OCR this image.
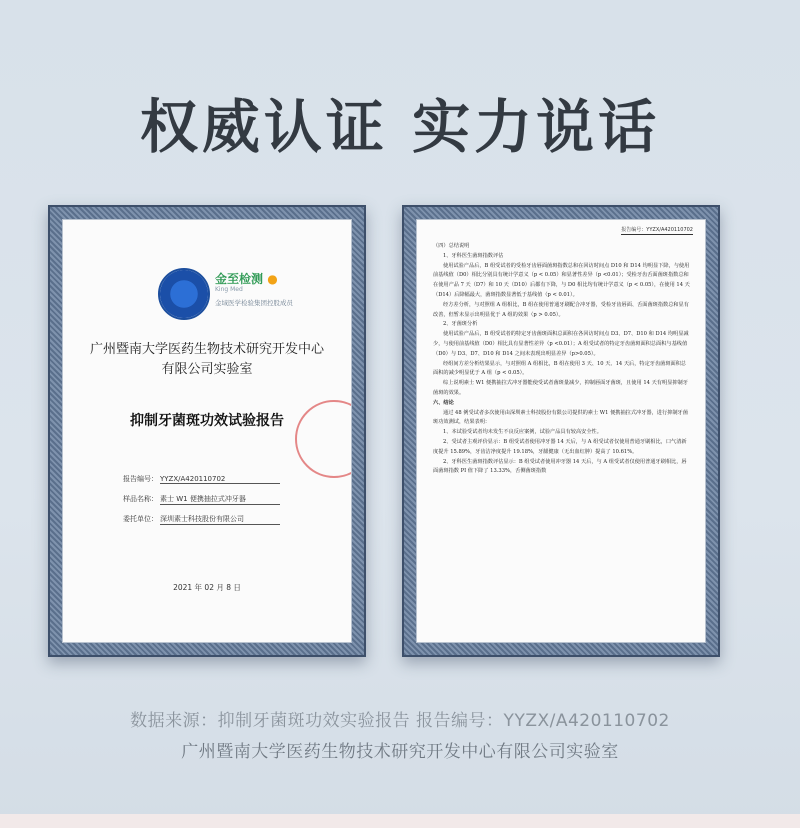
权威认证 实力说话
金至检测 ●
King Med
金域医学检验集团控股成员
广州暨南大学医药生物技术研究开发中心
有限公司实验室
抑制牙菌斑功效试验报告
报告编号： YYZX/A420110702
样品名称： 素士 W1 便携抽拉式冲牙器
委托单位： 深圳素士科技股份有限公司
2021 年 02 月 8 日
报告编号：YYZX/A420110702

（四）总结说明

1、牙科医生菌斑指数评估

使用试验产品后，B 组受试者的受检牙齿唇面菌斑指数总和在回访时间点 D10 和 D14 均明显下降，与使用前基线值（D0）相比分别具有统计学意义（p < 0.05）和显著性差异（p <0.01）；受检牙齿舌面菌斑指数总和在使用产品 7 天（D7）和 10 天（D10）后都有下降，与 D0 相比均有统计学意义（p < 0.05），在使用 14 天（D14）后降幅最大，菌斑指数显著低于基线值（p < 0.01）。

经方差分析，与对照组 A 组相比，B 组在使用普通牙刷配合冲牙器，受检牙齿唇面、舌面菌斑指数总和显有改善，但暂未显示出明显优于 A 组的效果（p > 0.05）。

2、牙菌斑分析

使用试验产品后，B 组受试者的特定牙齿菌斑面积总面积在各回访时间点 D3、D7、D10 和 D14 均明显减少，与使用前基线值（D0）相比具有显著性差异（p <0.01）；A 组受试者的特定牙齿菌斑面积总面积与基线值（D0）与 D3、D7、D10 和 D14 之间未表现出明显差异（p>0.05）。

经组间方差分析结果显示，与对照组 A 组相比，B 组在使用 3 天、10 天、14 天后，特定牙齿菌斑面积总面积的减少明显优于 A 组（p < 0.05）。

综上说明素士 W1 便携抽拉式冲牙器能使受试者菌斑量减少，抑制唇面牙菌斑，且使用 14 天有明显抑制牙菌斑的效果。

六、结论

通过 48 例受试者多次使用由深圳素士科技股份有限公司提供的素士 W1 便携抽拉式冲牙器，进行抑制牙菌斑功效测试，结果表明：

1、本试验受试者均未发生不良反应案例，试验产品具有较高安全性。

2、受试者主观评价显示：B 组受试者使用冲牙器 14 天后，与 A 组受试者仅使用普通牙刷相比，口气清新度提升 15.89%，牙齿洁净度提升 19.18%，牙龈健康（无出血红肿）提高了 10.61%。

2、牙科医生菌斑指数评估显示：B 组受试者使用冲牙器 14 天后，与 A 组受试者仅使用普通牙刷相比，唇面菌斑指数 PI 值下降了 13.33%，舌侧菌斑指数

数据来源：抑制牙菌斑功效实验报告 报告编号：YYZX/A420110702
广州暨南大学医药生物技术研究开发中心有限公司实验室
